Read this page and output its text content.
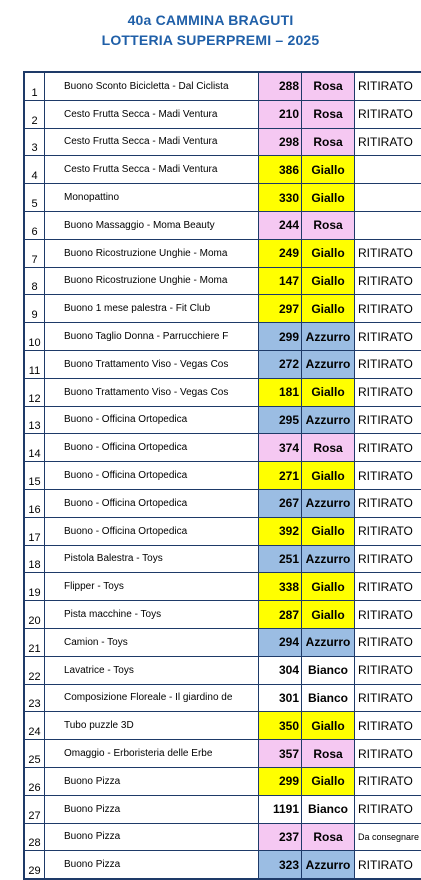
40a CAMMINA BRAGUTI
LOTTERIA SUPERPREMI – 2025
1	Buono Sconto Bicicletta - Dal Ciclista	288	Rosa	RITIRATO
2	Cesto Frutta Secca - Madi Ventura	210	Rosa	RITIRATO
3	Cesto Frutta Secca - Madi Ventura	298	Rosa	RITIRATO
4	Cesto Frutta Secca - Madi Ventura	386	Giallo	
5	Monopattino	330	Giallo	
6	Buono Massaggio - Moma Beauty	244	Rosa	
7	Buono Ricostruzione Unghie - Moma	249	Giallo	RITIRATO
8	Buono Ricostruzione Unghie - Moma	147	Giallo	RITIRATO
9	Buono 1 mese palestra - Fit Club	297	Giallo	RITIRATO
10	Buono Taglio Donna - Parrucchiere F	299	Azzurro	RITIRATO
11	Buono Trattamento Viso - Vegas Cos	272	Azzurro	RITIRATO
12	Buono Trattamento Viso - Vegas Cos	181	Giallo	RITIRATO
13	Buono - Officina Ortopedica	295	Azzurro	RITIRATO
14	Buono - Officina Ortopedica	374	Rosa	RITIRATO
15	Buono - Officina Ortopedica	271	Giallo	RITIRATO
16	Buono - Officina Ortopedica	267	Azzurro	RITIRATO
17	Buono - Officina Ortopedica	392	Giallo	RITIRATO
18	Pistola Balestra - Toys	251	Azzurro	RITIRATO
19	Flipper - Toys	338	Giallo	RITIRATO
20	Pista macchine - Toys	287	Giallo	RITIRATO
21	Camion - Toys	294	Azzurro	RITIRATO
22	Lavatrice - Toys	304	Bianco	RITIRATO
23	Composizione Floreale - Il giardino de	301	Bianco	RITIRATO
24	Tubo puzzle 3D	350	Giallo	RITIRATO
25	Omaggio - Erboristeria delle Erbe	357	Rosa	RITIRATO
26	Buono Pizza	299	Giallo	RITIRATO
27	Buono Pizza	1191	Bianco	RITIRATO
28	Buono Pizza	237	Rosa	Da consegnare
29	Buono Pizza	323	Azzurro	RITIRATO
